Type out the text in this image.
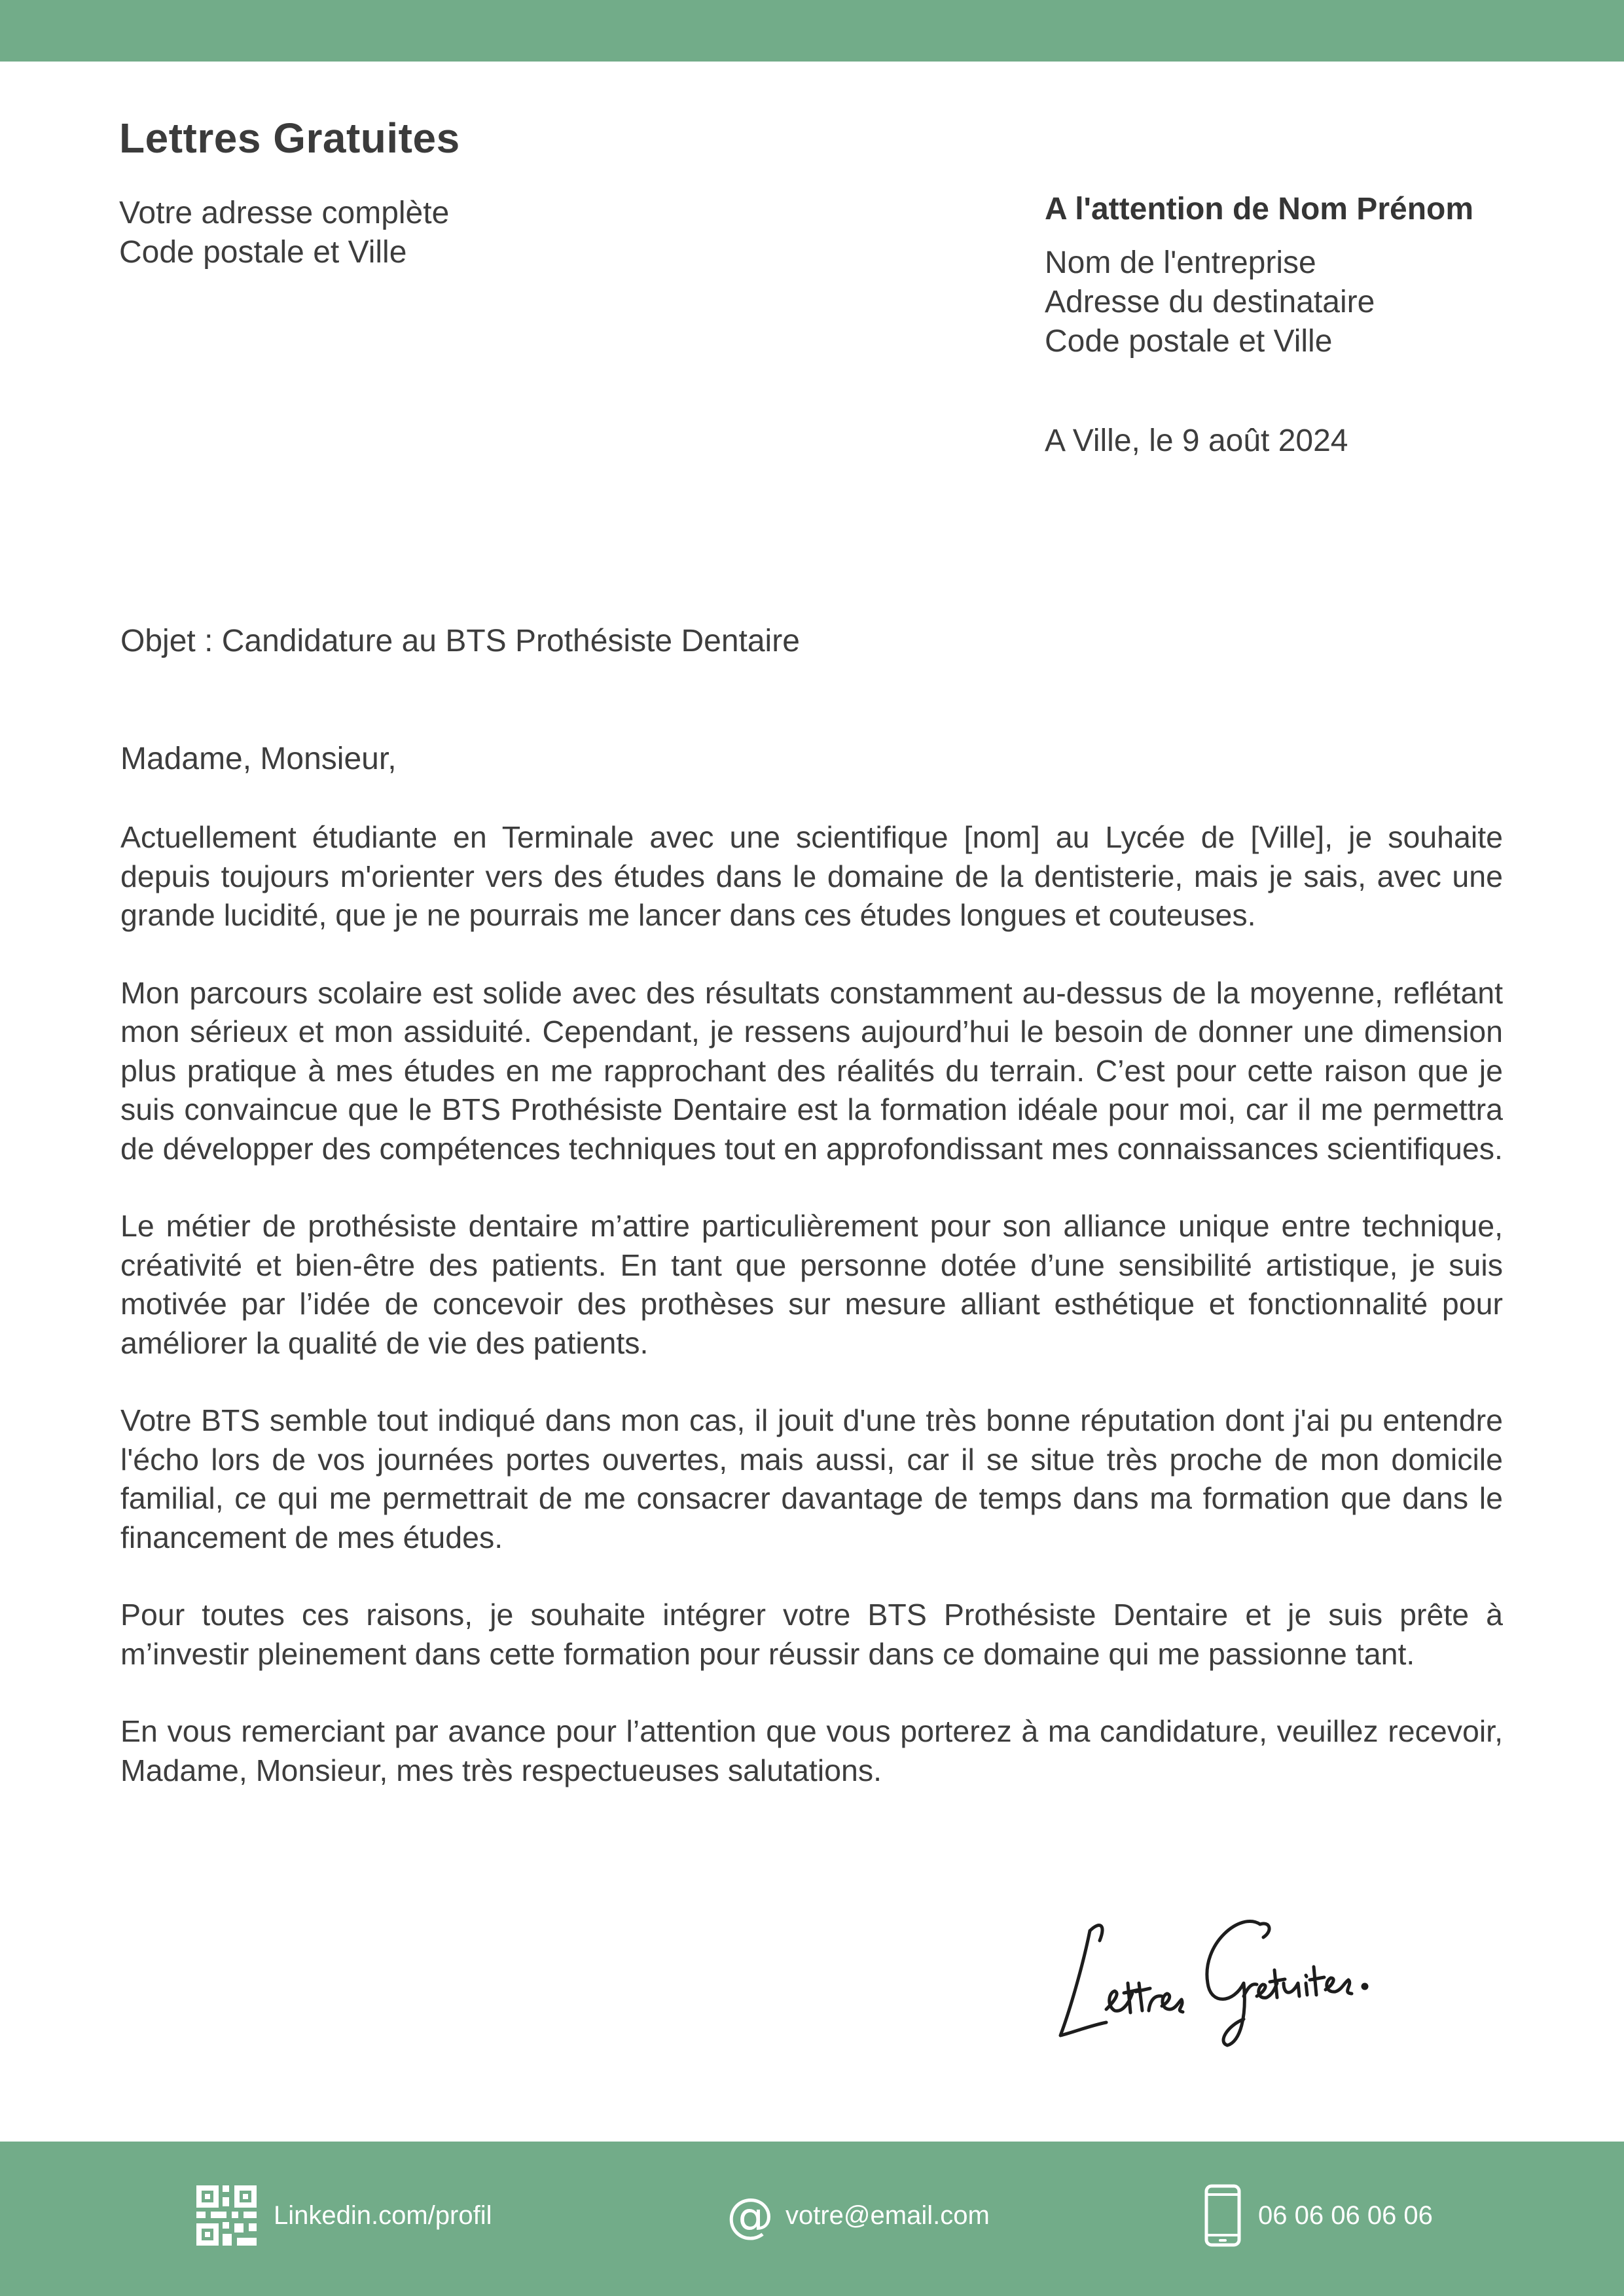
Lettres Gratuites
Votre adresse complète
Code postale et Ville
A l'attention de Nom Prénom
Nom de l'entreprise
Adresse du destinataire
Code postale et Ville
A Ville, le 9 août 2024
Objet : Candidature au BTS Prothésiste Dentaire
Madame, Monsieur,

Actuellement étudiante en Terminale avec une scientifique [nom] au Lycée de [Ville], je souhaite depuis toujours m'orienter vers des études dans le domaine de la dentisterie, mais je sais, avec une grande lucidité, que je ne pourrais me lancer dans ces études longues et couteuses.

Mon parcours scolaire est solide avec des résultats constamment au-dessus de la moyenne, reflétant mon sérieux et mon assiduité. Cependant, je ressens aujourd’hui le besoin de donner une dimension plus pratique à mes études en me rapprochant des réalités du terrain. C’est pour cette raison que je suis convaincue que le BTS Prothésiste Dentaire est la formation idéale pour moi, car il me permettra de développer des compétences techniques tout en approfondissant mes connaissances scientifiques.

Le métier de prothésiste dentaire m’attire particulièrement pour son alliance unique entre technique, créativité et bien-être des patients. En tant que personne dotée d’une sensibilité artistique, je suis motivée par l’idée de concevoir des prothèses sur mesure alliant esthétique et fonctionnalité pour améliorer la qualité de vie des patients.

Votre BTS semble tout indiqué dans mon cas, il jouit d'une très bonne réputation dont j'ai pu entendre l'écho lors de vos journées portes ouvertes, mais aussi, car il se situe très proche de mon domicile familial, ce qui me permettrait de me consacrer davantage de temps dans ma formation que dans le financement de mes études.

Pour toutes ces raisons, je souhaite intégrer votre BTS Prothésiste Dentaire et je suis prête à m’investir pleinement dans cette formation pour réussir dans ce domaine qui me passionne tant.

En vous remerciant par avance pour l’attention que vous porterez à ma candidature, veuillez recevoir, Madame, Monsieur, mes très respectueuses salutations.

Linkedin.com/profil	@ votre@email.com	06 06 06 06 06
